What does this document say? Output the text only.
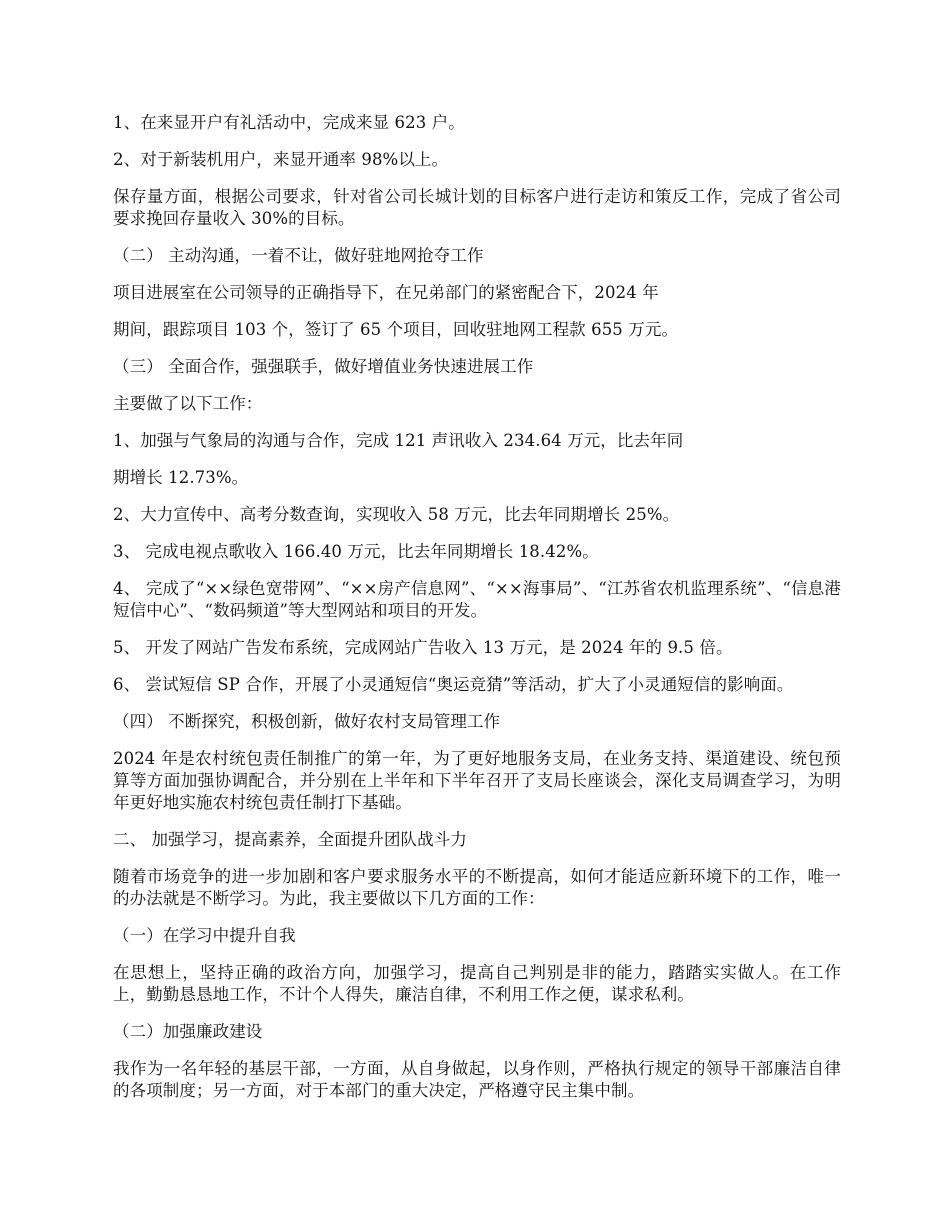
1、在来显开户有礼活动中，完成来显 623 户。

2、对于新装机用户，来显开通率 98%以上。

保存量方面，根据公司要求，针对省公司长城计划的目标客户进行走访和策反工作，完成了省公司要求挽回存量收入 30%的目标。

（二） 主动沟通，一着不让，做好驻地网抢夺工作

项目进展室在公司领导的正确指导下，在兄弟部门的紧密配合下，2024 年

期间，跟踪项目 103 个，签订了 65 个项目，回收驻地网工程款 655 万元。

（三） 全面合作，强强联手，做好增值业务快速进展工作

主要做了以下工作：

1、加强与气象局的沟通与合作，完成 121 声讯收入 234.64 万元，比去年同

期增长 12.73%。

2、大力宣传中、高考分数查询，实现收入 58 万元，比去年同期增长 25%。

3、 完成电视点歌收入 166.40 万元，比去年同期增长 18.42%。

4、 完成了“××绿色宽带网”、“××房产信息网”、“××海事局”、“江苏省农机监理系统”、“信息港短信中心”、“数码频道”等大型网站和项目的开发。

5、 开发了网站广告发布系统，完成网站广告收入 13 万元，是 2024 年的 9.5 倍。

6、 尝试短信 SP 合作，开展了小灵通短信“奥运竞猜”等活动，扩大了小灵通短信的影响面。

（四） 不断探究，积极创新，做好农村支局管理工作

2024 年是农村统包责任制推广的第一年，为了更好地服务支局，在业务支持、渠道建设、统包预算等方面加强协调配合，并分别在上半年和下半年召开了支局长座谈会，深化支局调查学习，为明年更好地实施农村统包责任制打下基础。

二、 加强学习，提高素养，全面提升团队战斗力

随着市场竞争的进一步加剧和客户要求服务水平的不断提高，如何才能适应新环境下的工作，唯一的办法就是不断学习。为此，我主要做以下几方面的工作：

（一）在学习中提升自我

在思想上，坚持正确的政治方向，加强学习，提高自己判别是非的能力，踏踏实实做人。在工作上，勤勤恳恳地工作，不计个人得失，廉洁自律，不利用工作之便，谋求私利。

（二）加强廉政建设

我作为一名年轻的基层干部，一方面，从自身做起，以身作则，严格执行规定的领导干部廉洁自律的各项制度；另一方面，对于本部门的重大决定，严格遵守民主集中制。
